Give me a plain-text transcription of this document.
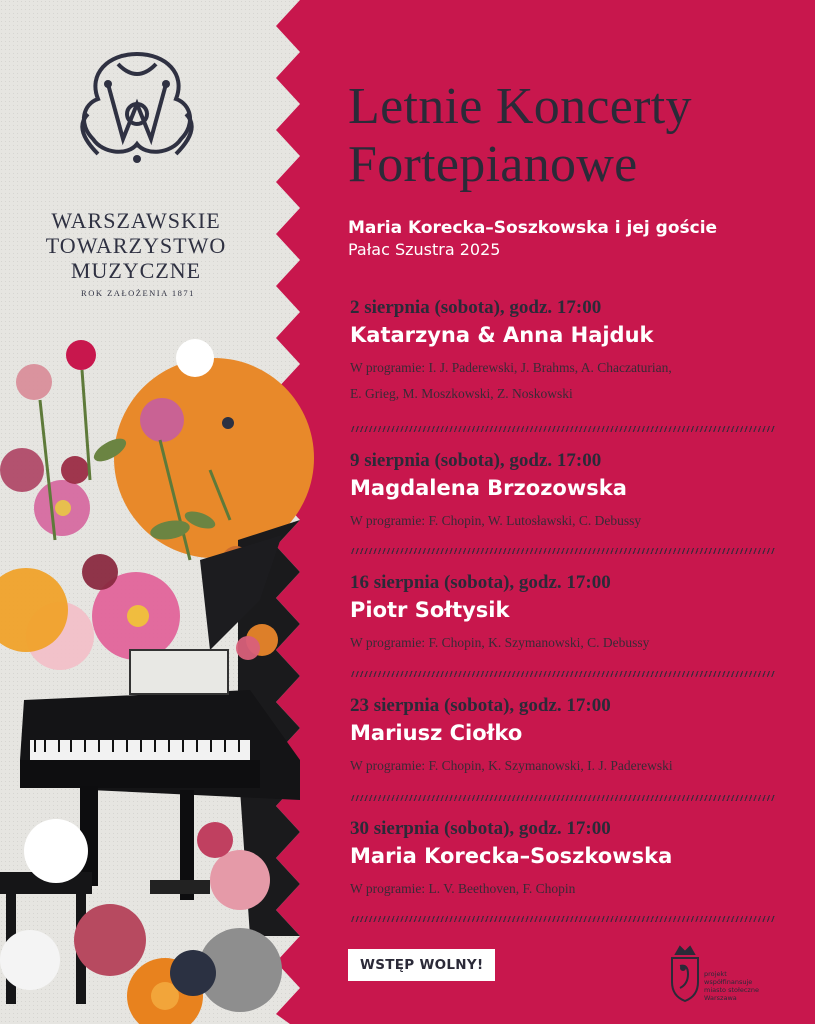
WARSZAWSKIE
TOWARZYSTWO
MUZYCZNE
ROK ZAŁOŻENIA 1871
Letnie Koncerty
Fortepianowe
Maria Korecka–Soszkowska i jej goście
Pałac Szustra 2025

2 sierpnia (sobota), godz. 17:00

Katarzyna & Anna Hajduk

W programie: I. J. Paderewski, J. Brahms, A. Chaczaturian,

E. Grieg, M. Moszkowski, Z. Noskowski

9 sierpnia (sobota), godz. 17:00

Magdalena Brzozowska

W programie: F. Chopin, W. Lutosławski, C. Debussy

16 sierpnia (sobota), godz. 17:00

Piotr Sołtysik

W programie: F. Chopin, K. Szymanowski, C. Debussy

23 sierpnia (sobota), godz. 17:00

Mariusz Ciołko

W programie: F. Chopin, K. Szymanowski, I. J. Paderewski

30 sierpnia (sobota), godz. 17:00

Maria Korecka–Soszkowska

W programie: L. V. Beethoven, F. Chopin

WSTĘP WOLNY!
projekt współfinansuje
miasto stołeczne
Warszawa
